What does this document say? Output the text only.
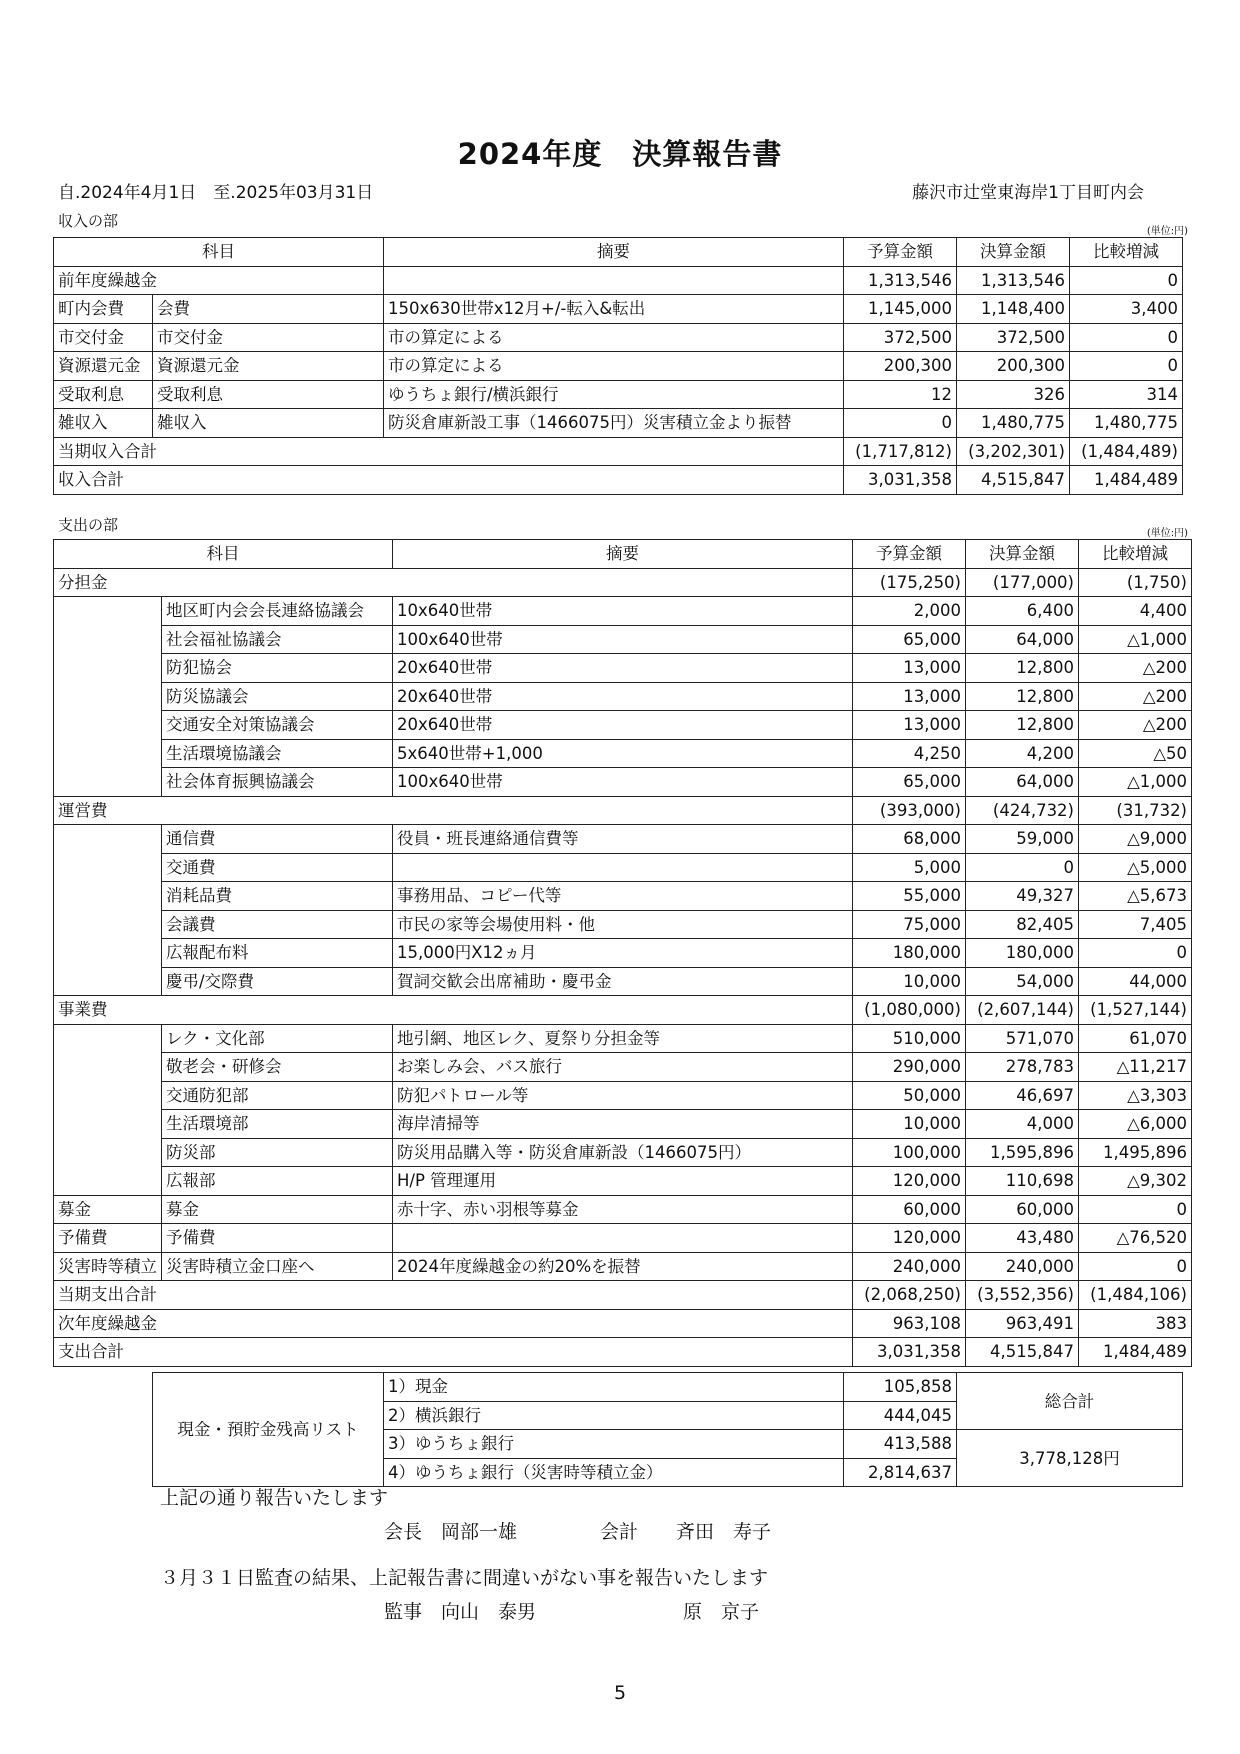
2024年度　決算報告書
自.2024年4月1日　至.2025年03月31日	藤沢市辻堂東海岸1丁目町内会
収入の部
(単位:円)
科目		摘要	予算金額	決算金額	比較増減
前年度繰越金			1,313,546	1,313,546	0
町内会費	会費	150x630世帯x12月+/-転入&転出	1,145,000	1,148,400	3,400
市交付金	市交付金	市の算定による	372,500	372,500	0
資源還元金	資源還元金	市の算定による	200,300	200,300	0
受取利息	受取利息	ゆうちょ銀行/横浜銀行	12	326	314
雑収入	雑収入	防災倉庫新設工事（1466075円）災害積立金より振替	0	1,480,775	1,480,775
当期収入合計			(1,717,812)	(3,202,301)	(1,484,489)
収入合計			3,031,358	4,515,847	1,484,489
支出の部	(単位:円)
科目		摘要	予算金額	決算金額	比較増減
分担金			(175,250)	(177,000)	(1,750)
	地区町内会会長連絡協議会	10x640世帯	2,000	6,400	4,400
	社会福祉協議会	100x640世帯	65,000	64,000	△1,000
	防犯協会	20x640世帯	13,000	12,800	△200
	防災協議会	20x640世帯	13,000	12,800	△200
	交通安全対策協議会	20x640世帯	13,000	12,800	△200
	生活環境協議会	5x640世帯+1,000	4,250	4,200	△50
	社会体育振興協議会	100x640世帯	65,000	64,000	△1,000
運営費			(393,000)	(424,732)	(31,732)
	通信費	役員・班長連絡通信費等	68,000	59,000	△9,000
	交通費		5,000	0	△5,000
	消耗品費	事務用品、コピー代等	55,000	49,327	△5,673
	会議費	市民の家等会場使用料・他	75,000	82,405	7,405
	広報配布料	15,000円X12ヵ月	180,000	180,000	0
	慶弔/交際費	賀詞交歓会出席補助・慶弔金	10,000	54,000	44,000
事業費			(1,080,000)	(2,607,144)	(1,527,144)
	レク・文化部	地引網、地区レク、夏祭り分担金等	510,000	571,070	61,070
	敬老会・研修会	お楽しみ会、バス旅行	290,000	278,783	△11,217
	交通防犯部	防犯パトロール等	50,000	46,697	△3,303
	生活環境部	海岸清掃等	10,000	4,000	△6,000
	防災部	防災用品購入等・防災倉庫新設（1466075円）	100,000	1,595,896	1,495,896
	広報部	H/P 管理運用	120,000	110,698	△9,302
募金	募金	赤十字、赤い羽根等募金	60,000	60,000	0
予備費	予備費		120,000	43,480	△76,520
災害時等積立	災害時積立金口座へ	2024年度繰越金の約20%を振替	240,000	240,000	0
当期支出合計			(2,068,250)	(3,552,356)	(1,484,106)
次年度繰越金			963,108	963,491	383
支出合計			3,031,358	4,515,847	1,484,489
現金・預貯金残高リスト	1）現金	105,858	総合計
	2）横浜銀行	444,045	
	3）ゆうちょ銀行	413,588	3,778,128円
	4）ゆうちょ銀行（災害時等積立金）	2,814,637	
上記の通り報告いたします
会長　岡部一雄	会計　　斉田　寿子
３月３１日監査の結果、上記報告書に間違いがない事を報告いたします
監事　向山　泰男	原　京子
5
